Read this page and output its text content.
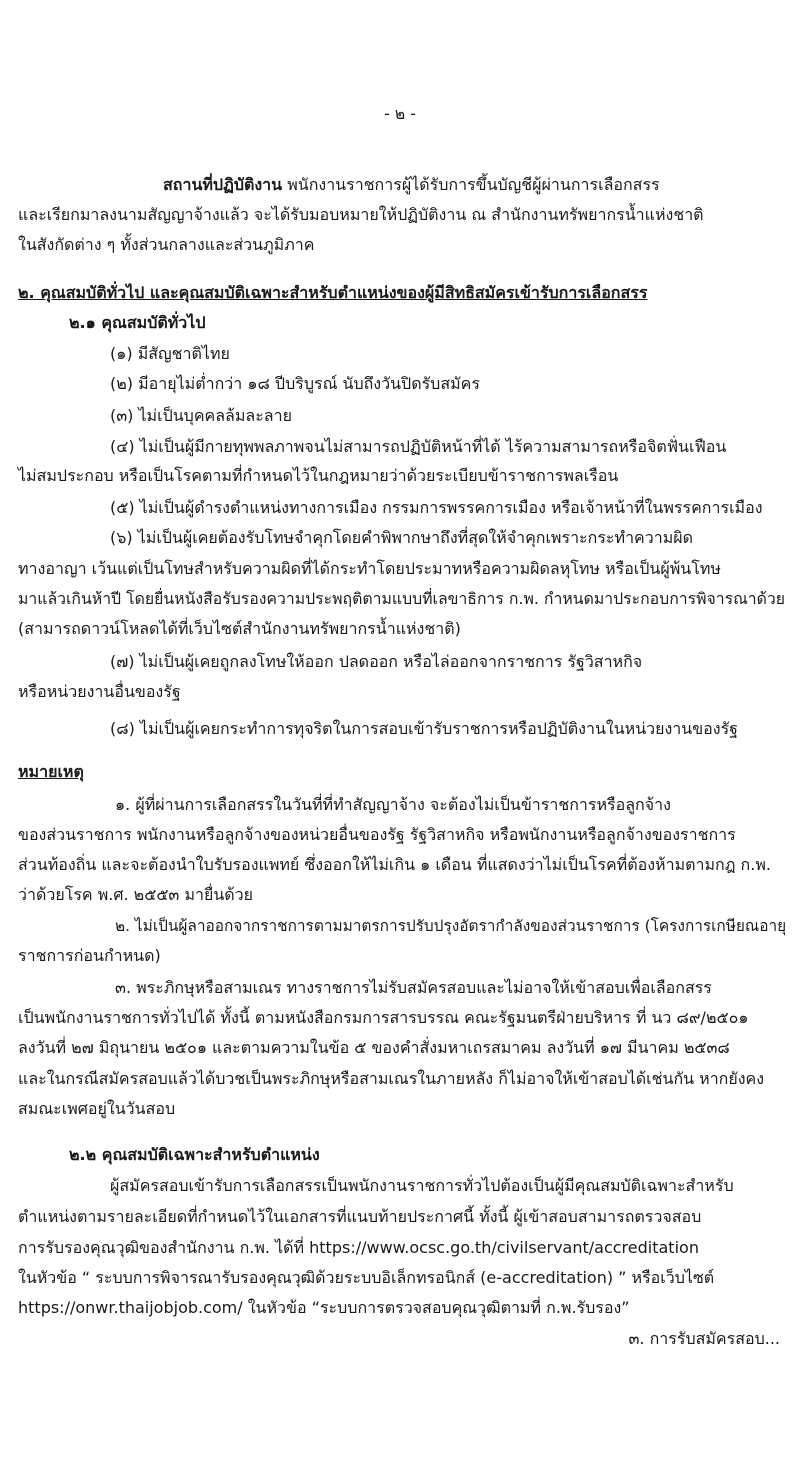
- ๒ -
สถานที่ปฏิบัติงาน พนักงานราชการผู้ได้รับการขึ้นบัญชีผู้ผ่านการเลือกสรร
และเรียกมาลงนามสัญญาจ้างแล้ว จะได้รับมอบหมายให้ปฏิบัติงาน ณ สำนักงานทรัพยากรน้ำแห่งชาติ
ในสังกัดต่าง ๆ ทั้งส่วนกลางและส่วนภูมิภาค
๒. คุณสมบัติทั่วไป และคุณสมบัติเฉพาะสำหรับตำแหน่งของผู้มีสิทธิสมัครเข้ารับการเลือกสรร
๒.๑ คุณสมบัติทั่วไป
(๑) มีสัญชาติไทย
(๒) มีอายุไม่ต่ำกว่า ๑๘ ปีบริบูรณ์ นับถึงวันปิดรับสมัคร
(๓) ไม่เป็นบุคคลล้มละลาย
(๔) ไม่เป็นผู้มีกายทุพพลภาพจนไม่สามารถปฏิบัติหน้าที่ได้ ไร้ความสามารถหรือจิตฟั่นเฟือน
ไม่สมประกอบ หรือเป็นโรคตามที่กำหนดไว้ในกฎหมายว่าด้วยระเบียบข้าราชการพลเรือน
(๕) ไม่เป็นผู้ดำรงตำแหน่งทางการเมือง กรรมการพรรคการเมือง หรือเจ้าหน้าที่ในพรรคการเมือง
(๖) ไม่เป็นผู้เคยต้องรับโทษจำคุกโดยคำพิพากษาถึงที่สุดให้จำคุกเพราะกระทำความผิด
ทางอาญา เว้นแต่เป็นโทษสำหรับความผิดที่ได้กระทำโดยประมาทหรือความผิดลหุโทษ หรือเป็นผู้พ้นโทษ
มาแล้วเกินห้าปี โดยยื่นหนังสือรับรองความประพฤติตามแบบที่เลขาธิการ ก.พ. กำหนดมาประกอบการพิจารณาด้วย
(สามารถดาวน์โหลดได้ที่เว็บไซต์สำนักงานทรัพยากรน้ำแห่งชาติ)
(๗) ไม่เป็นผู้เคยถูกลงโทษให้ออก ปลดออก หรือไล่ออกจากราชการ รัฐวิสาหกิจ
หรือหน่วยงานอื่นของรัฐ
(๘) ไม่เป็นผู้เคยกระทำการทุจริตในการสอบเข้ารับราชการหรือปฏิบัติงานในหน่วยงานของรัฐ
หมายเหตุ
๑. ผู้ที่ผ่านการเลือกสรรในวันที่ที่ทำสัญญาจ้าง จะต้องไม่เป็นข้าราชการหรือลูกจ้าง
ของส่วนราชการ พนักงานหรือลูกจ้างของหน่วยอื่นของรัฐ รัฐวิสาหกิจ หรือพนักงานหรือลูกจ้างของราชการ
ส่วนท้องถิ่น และจะต้องนำใบรับรองแพทย์ ซึ่งออกให้ไม่เกิน ๑ เดือน ที่แสดงว่าไม่เป็นโรคที่ต้องห้ามตามกฎ ก.พ.
ว่าด้วยโรค พ.ศ. ๒๕๕๓ มายื่นด้วย
๒. ไม่เป็นผู้ลาออกจากราชการตามมาตรการปรับปรุงอัตรากำลังของส่วนราชการ (โครงการเกษียณอายุ
ราชการก่อนกำหนด)
๓. พระภิกษุหรือสามเณร ทางราชการไม่รับสมัครสอบและไม่อาจให้เข้าสอบเพื่อเลือกสรร
เป็นพนักงานราชการทั่วไปได้ ทั้งนี้ ตามหนังสือกรมการสารบรรณ คณะรัฐมนตรีฝ่ายบริหาร ที่ นว ๘๙/๒๕๐๑
ลงวันที่ ๒๗ มิถุนายน ๒๕๐๑ และตามความในข้อ ๕ ของคำสั่งมหาเถรสมาคม ลงวันที่ ๑๗ มีนาคม ๒๕๓๘
และในกรณีสมัครสอบแล้วได้บวชเป็นพระภิกษุหรือสามเณรในภายหลัง ก็ไม่อาจให้เข้าสอบได้เช่นกัน หากยังคง
สมณะเพศอยู่ในวันสอบ
๒.๒ คุณสมบัติเฉพาะสำหรับตำแหน่ง
ผู้สมัครสอบเข้ารับการเลือกสรรเป็นพนักงานราชการทั่วไปต้องเป็นผู้มีคุณสมบัติเฉพาะสำหรับ
ตำแหน่งตามรายละเอียดที่กำหนดไว้ในเอกสารที่แนบท้ายประกาศนี้ ทั้งนี้ ผู้เข้าสอบสามารถตรวจสอบ
การรับรองคุณวุฒิของสำนักงาน ก.พ. ได้ที่ https://www.ocsc.go.th/civilservant/accreditation
ในหัวข้อ “ ระบบการพิจารณารับรองคุณวุฒิด้วยระบบอิเล็กทรอนิกส์ (e-accreditation) ” หรือเว็บไซต์
https://onwr.thaijobjob.com/ ในหัวข้อ “ระบบการตรวจสอบคุณวุฒิตามที่ ก.พ.รับรอง”
๓. การรับสมัครสอบ...
